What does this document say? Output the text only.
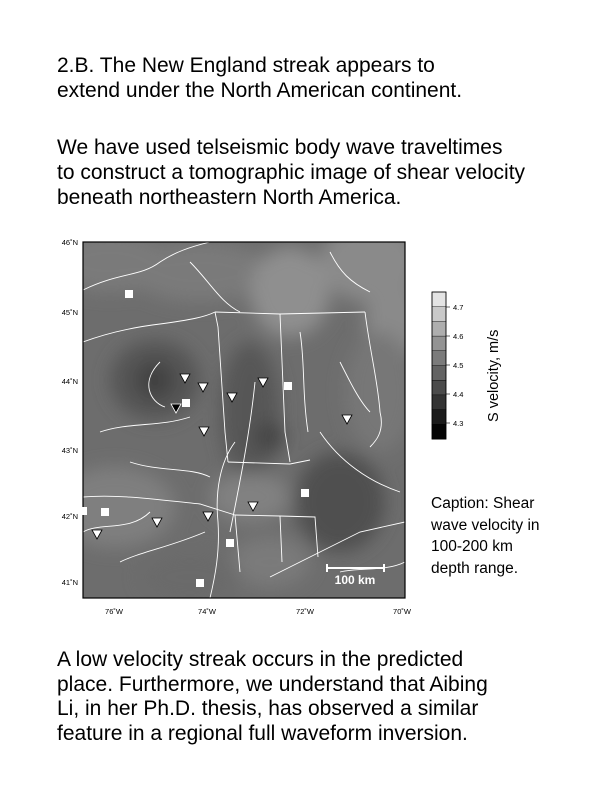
2.B. The New England streak appears to
extend under the North American continent.

We have used telseismic body wave traveltimes
to construct a tomographic image of shear velocity
beneath northeastern North America.

100 km
46˚N
45˚N
44˚N
43˚N
42˚N
41˚N
76˚W	74˚W	72˚W	70˚W
4.7
4.6
4.5
4.4
4.3
S velocity, m/s
Caption: Shear
wave velocity in
100-200 km
depth range.

A low velocity streak occurs in the predicted
place. Furthermore, we understand that Aibing
Li, in her Ph.D. thesis, has observed a similar
feature in a regional full waveform inversion.
